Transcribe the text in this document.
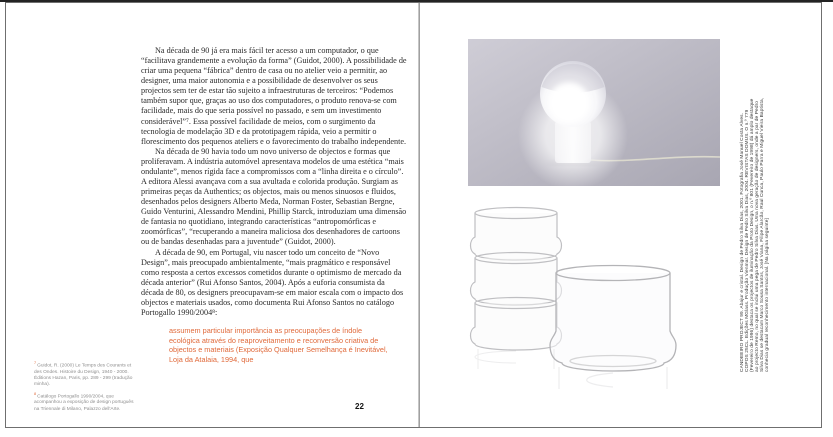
Na década de 90 já era mais fácil ter acesso a um computador, o que “facilitava grandemente a evolução da forma” (Guidot, 2000). A possibilidade de criar uma pequena “fábrica” dentro de casa ou no atelier veio a permitir, ao designer, uma maior autonomia e a possibilidade de desenvolver os seus projectos sem ter de estar tão sujeito a infraestruturas de terceiros: “Podemos também supor que, graças ao uso dos computadores, o produto renova-se com facilidade, mais do que seria possível no passado, e sem um investimento considerável”⁷. Essa possível facilidade de meios, com o surgimento da tecnologia de modelação 3D e da prototipagem rápida, veio a permitir o florescimento dos pequenos ateliers e o favorecimento do trabalho independente.

Na década de 90 havia todo um novo universo de objectos e formas que proliferavam. A indústria automóvel apresentava modelos de uma estética “mais ondulante”, menos rígida face a compromissos com a “linha direita e o círculo”. A editora Alessi avançava com a sua avultada e colorida produção. Surgiam as primeiras peças da Authentics; os objectos, mais ou menos sinuosos e fluidos, desenhados pelos designers Alberto Meda, Norman Foster, Sebastian Bergne, Guido Venturini, Alessandro Mendini, Phillip Starck, introduziam uma dimensão de fantasia no quotidiano, integrando características “antropomórficas e zoomórficas”, “recuperando a maneira maliciosa dos desenhadores de cartoons ou de bandas desenhadas para a juventude” (Guidot, 2000).

A década de 90, em Portugal, viu nascer todo um conceito de “Novo Design”, mais preocupado ambientalmente, “mais pragmático e responsável como resposta a certos excessos cometidos durante o optimismo de mercado da década anterior” (Rui Afonso Santos, 2004). Após a euforia consumista da década de 80, os designers preocupavam-se em maior escala com o impacto dos objectos e materiais usados, como documenta Rui Afonso Santos no catálogo Portogallo 1990/2004⁸:

assumem particular importância as preocupações de índole ecológica através do reaproveitamento e reconversão criativa de objectos e materiais (Exposição Qualquer Semelhança é Inevitável, Loja da Atalaia, 1994, que
$^7$Guidot, R. (2000) Le Temps des Courants et des Ondes. Histoire du Design, 1940 - 2000. Éditions Hazan, Paris, pp. 289 - 299 (tradução minha).
$^8$Catálogo Portogallo 1990/2004, que acompanhou a exposição de design português na Triennale di Milano, Palazzo dell'Arte.	22
CANDEEIRO PROJECT 99. Abajur e cristal. Design de Pedro Silva Dias, 2001. Fotografia José Manuel Costa Alves. COPOS 25CL. Edições MGlass. Produção Vienmar. Design de Pedro Silva Dias, 2004. REVISTAS DOMUS. O n.º 779 (Fevereiro de 1996) destaca os projectos de iluminação da Proto Design, o n.º 801 (Fevereiro de 1998) dá amplo destaque ao projecto Remo, no qual se inclui uma pega de Pedro Silva Dias. Uma nova geração de designers, onde a par de Pedro Silva Dias se destacam Marco Sousa Santos, José Viana, Filipe Alarcão, Raul Cunca, Paulo Parra e Miguel Vieira Baptista, conhecia gradual reconhecimento internacional. [Na página seguinte]
